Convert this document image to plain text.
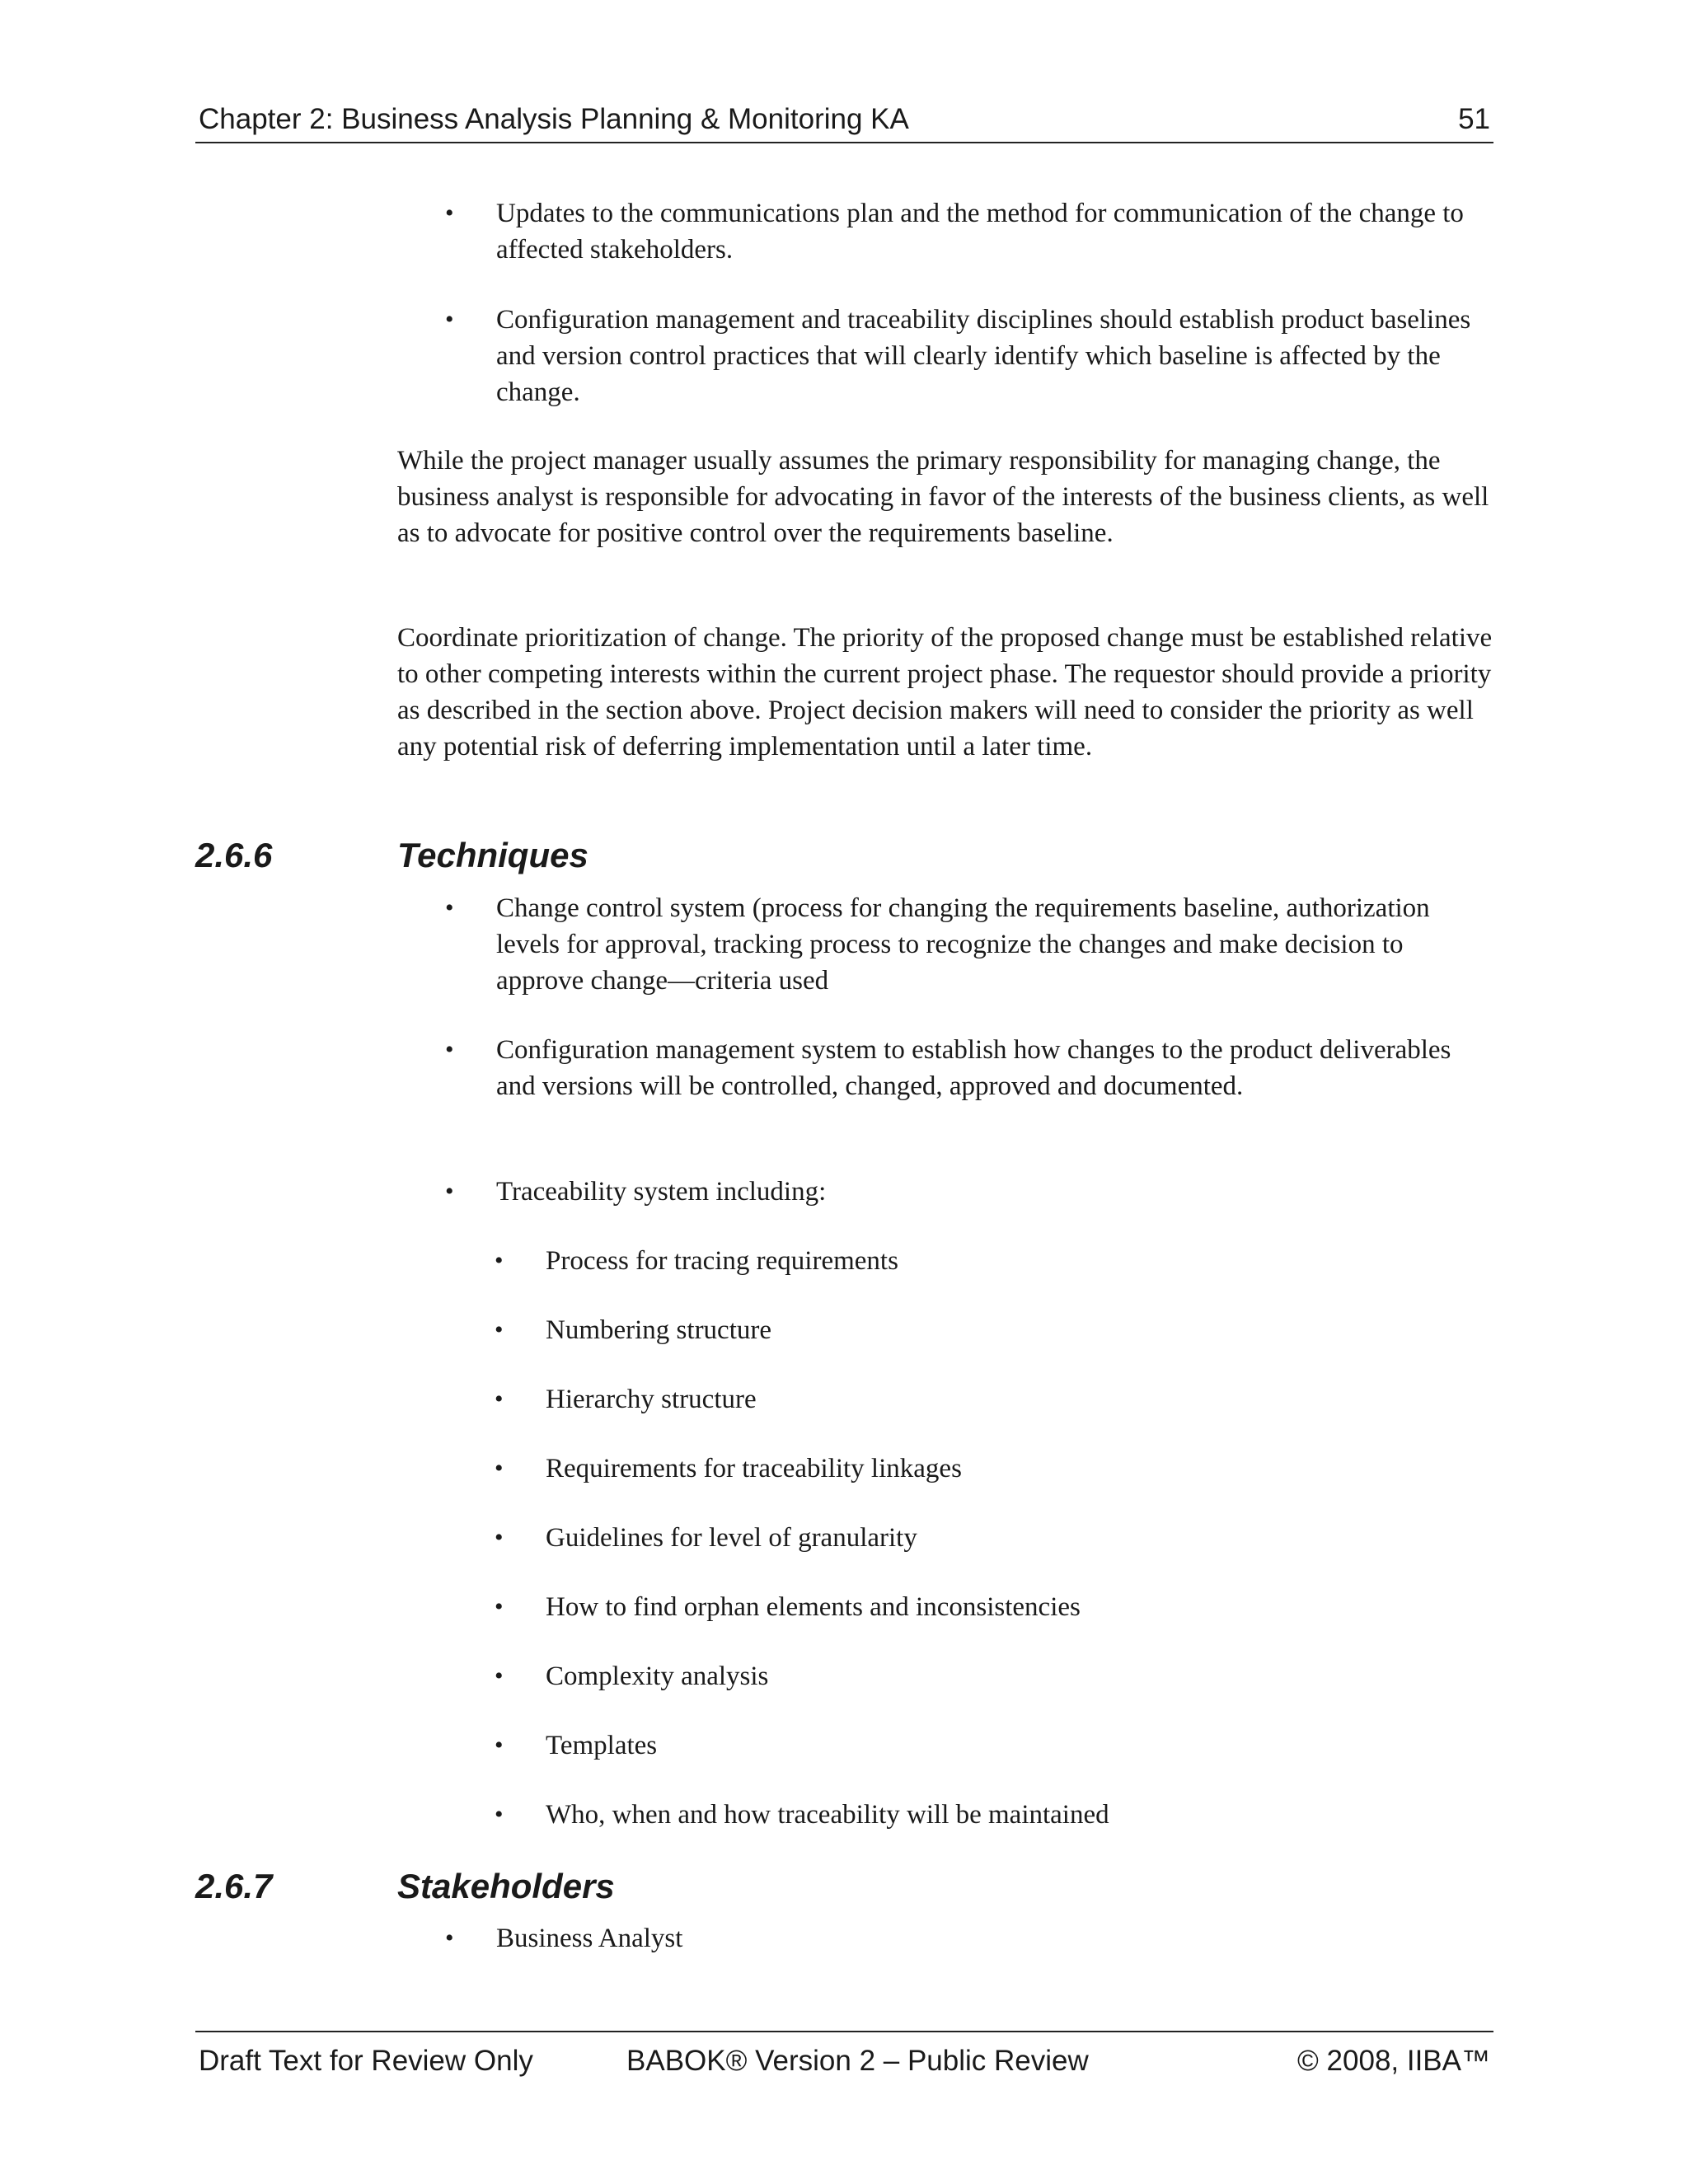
Chapter 2: Business Analysis Planning & Monitoring KA	51
• Updates to the communications plan and the method for communication of the change to affected stakeholders.
• Configuration management and traceability disciplines should establish product baselines and version control practices that will clearly identify which baseline is affected by the change.

While the project manager usually assumes the primary responsibility for managing change, the business analyst is responsible for advocating in favor of the interests of the business clients, as well as to advocate for positive control over the requirements baseline.

Coordinate prioritization of change. The priority of the proposed change must be established relative to other competing interests within the current project phase. The requestor should provide a priority as described in the section above. Project decision makers will need to consider the priority as well any potential risk of deferring implementation until a later time.

2.6.6	Techniques
• Change control system (process for changing the requirements baseline, authorization levels for approval, tracking process to recognize the changes and make decision to approve change—criteria used
• Configuration management system to establish how changes to the product deliverables and versions will be controlled, changed, approved and documented.
• Traceability system including:
• Process for tracing requirements
• Numbering structure
• Hierarchy structure
• Requirements for traceability linkages
• Guidelines for level of granularity
• How to find orphan elements and inconsistencies
• Complexity analysis
• Templates
• Who, when and how traceability will be maintained
2.6.7	Stakeholders
• Business Analyst
Draft Text for Review Only	BABOK® Version 2 – Public Review	© 2008, IIBA™
